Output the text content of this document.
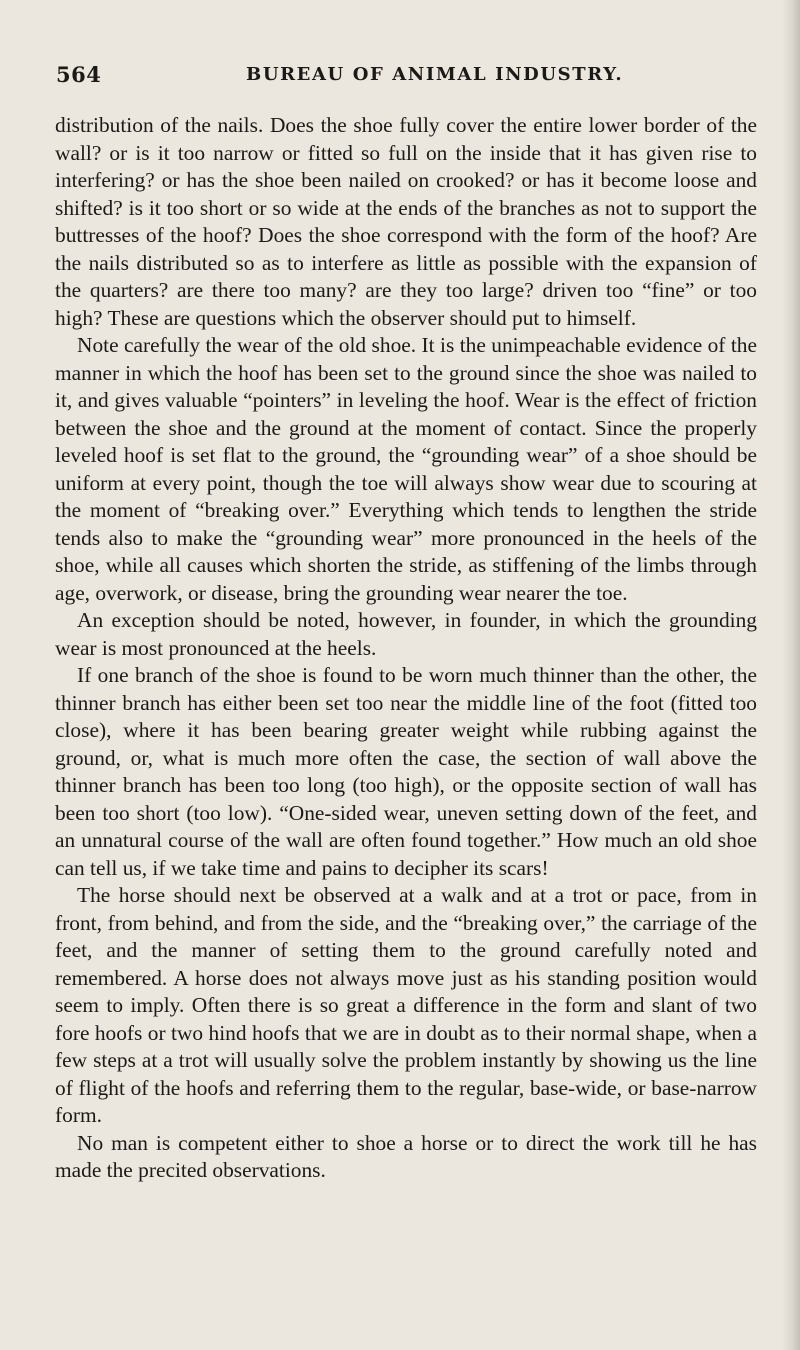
564	BUREAU OF ANIMAL INDUSTRY.

distribution of the nails. Does the shoe fully cover the entire lower border of the wall? or is it too narrow or fitted so full on the inside that it has given rise to interfering? or has the shoe been nailed on crooked? or has it become loose and shifted? is it too short or so wide at the ends of the branches as not to support the buttresses of the hoof? Does the shoe correspond with the form of the hoof? Are the nails distributed so as to interfere as little as possible with the expansion of the quarters? are there too many? are they too large? driven too “fine” or too high? These are questions which the observer should put to himself.

Note carefully the wear of the old shoe. It is the unimpeachable evidence of the manner in which the hoof has been set to the ground since the shoe was nailed to it, and gives valuable “pointers” in leveling the hoof. Wear is the effect of friction between the shoe and the ground at the moment of contact. Since the properly leveled hoof is set flat to the ground, the “grounding wear” of a shoe should be uniform at every point, though the toe will always show wear due to scouring at the moment of “breaking over.” Everything which tends to lengthen the stride tends also to make the “grounding wear” more pronounced in the heels of the shoe, while all causes which shorten the stride, as stiffening of the limbs through age, overwork, or disease, bring the grounding wear nearer the toe.

An exception should be noted, however, in founder, in which the grounding wear is most pronounced at the heels.

If one branch of the shoe is found to be worn much thinner than the other, the thinner branch has either been set too near the middle line of the foot (fitted too close), where it has been bearing greater weight while rubbing against the ground, or, what is much more often the case, the section of wall above the thinner branch has been too long (too high), or the opposite section of wall has been too short (too low). “One-sided wear, uneven setting down of the feet, and an unnatural course of the wall are often found together.” How much an old shoe can tell us, if we take time and pains to decipher its scars!

The horse should next be observed at a walk and at a trot or pace, from in front, from behind, and from the side, and the “breaking over,” the carriage of the feet, and the manner of setting them to the ground carefully noted and remembered. A horse does not always move just as his standing position would seem to imply. Often there is so great a difference in the form and slant of two fore hoofs or two hind hoofs that we are in doubt as to their normal shape, when a few steps at a trot will usually solve the problem instantly by showing us the line of flight of the hoofs and referring them to the regular, base-wide, or base-narrow form.

No man is competent either to shoe a horse or to direct the work till he has made the precited observations.
